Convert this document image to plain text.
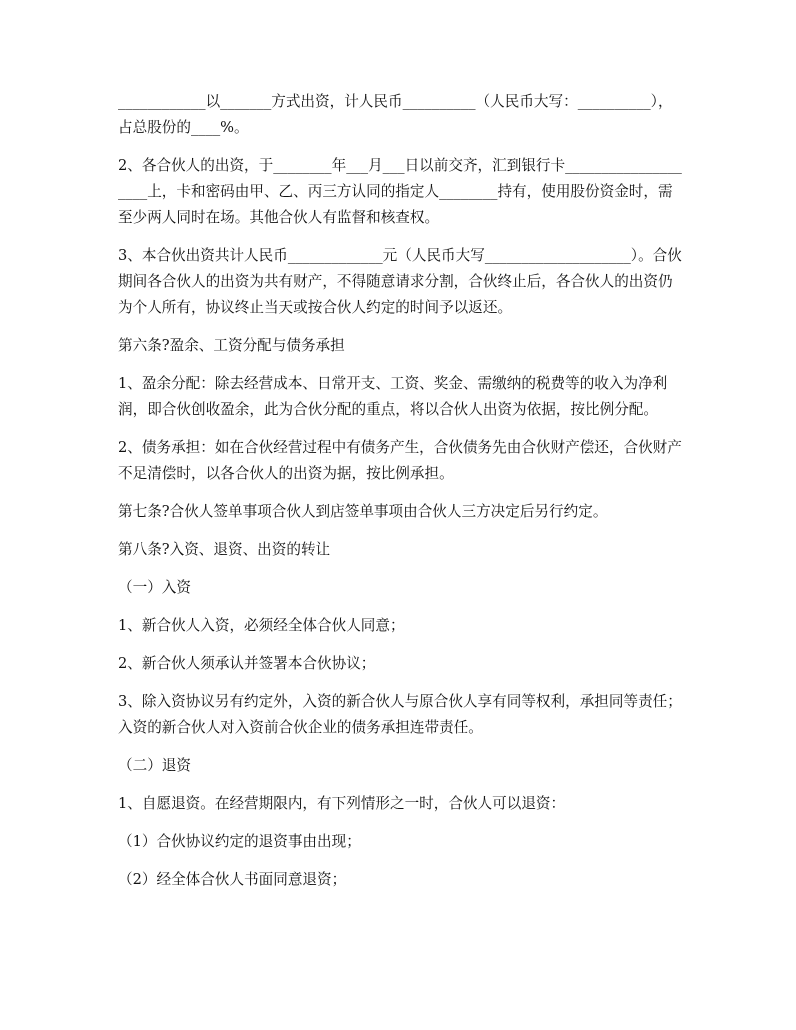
____________以_______方式出资，计人民币__________（人民币大写：__________），占总股份的____%。

2、各合伙人的出资，于________年___月___日以前交齐，汇到银行卡____________________上，卡和密码由甲、乙、丙三方认同的指定人________持有，使用股份资金时，需至少两人同时在场。其他合伙人有监督和核查权。

3、本合伙出资共计人民币_____________元（人民币大写____________________）。合伙期间各合伙人的出资为共有财产，不得随意请求分割，合伙终止后，各合伙人的出资仍为个人所有，协议终止当天或按合伙人约定的时间予以返还。

第六条?盈余、工资分配与债务承担

1、盈余分配：除去经营成本、日常开支、工资、奖金、需缴纳的税费等的收入为净利润，即合伙创收盈余，此为合伙分配的重点，将以合伙人出资为依据，按比例分配。

2、债务承担：如在合伙经营过程中有债务产生，合伙债务先由合伙财产偿还，合伙财产不足清偿时，以各合伙人的出资为据，按比例承担。

第七条?合伙人签单事项合伙人到店签单事项由合伙人三方决定后另行约定。

第八条?入资、退资、出资的转让

（一）入资

1、新合伙人入资，必须经全体合伙人同意；

2、新合伙人须承认并签署本合伙协议；

3、除入资协议另有约定外，入资的新合伙人与原合伙人享有同等权利，承担同等责任；入资的新合伙人对入资前合伙企业的债务承担连带责任。

（二）退资

1、自愿退资。在经营期限内，有下列情形之一时，合伙人可以退资：

（1）合伙协议约定的退资事由出现；

（2）经全体合伙人书面同意退资；
